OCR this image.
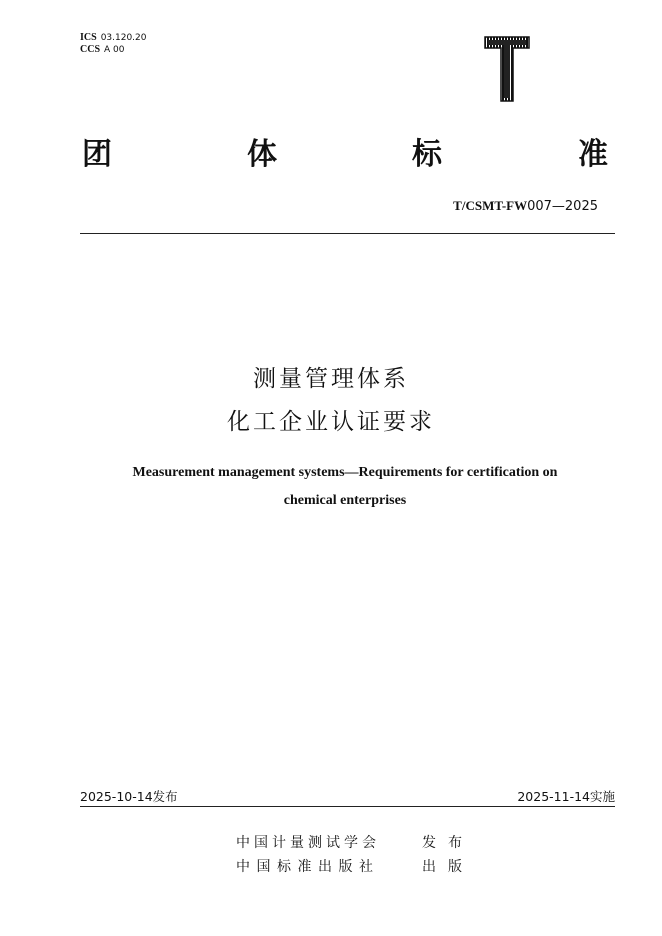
ICS 03.120.20
CCS A 00
团	体	标	准
T/CSMT-FW007—2025
测量管理体系
化工企业认证要求
Measurement management systems—Requirements for certification on
chemical enterprises
2025-10-14发布	2025-11-14实施
中国计量测试学会	发布
中国标准出版社	出版
